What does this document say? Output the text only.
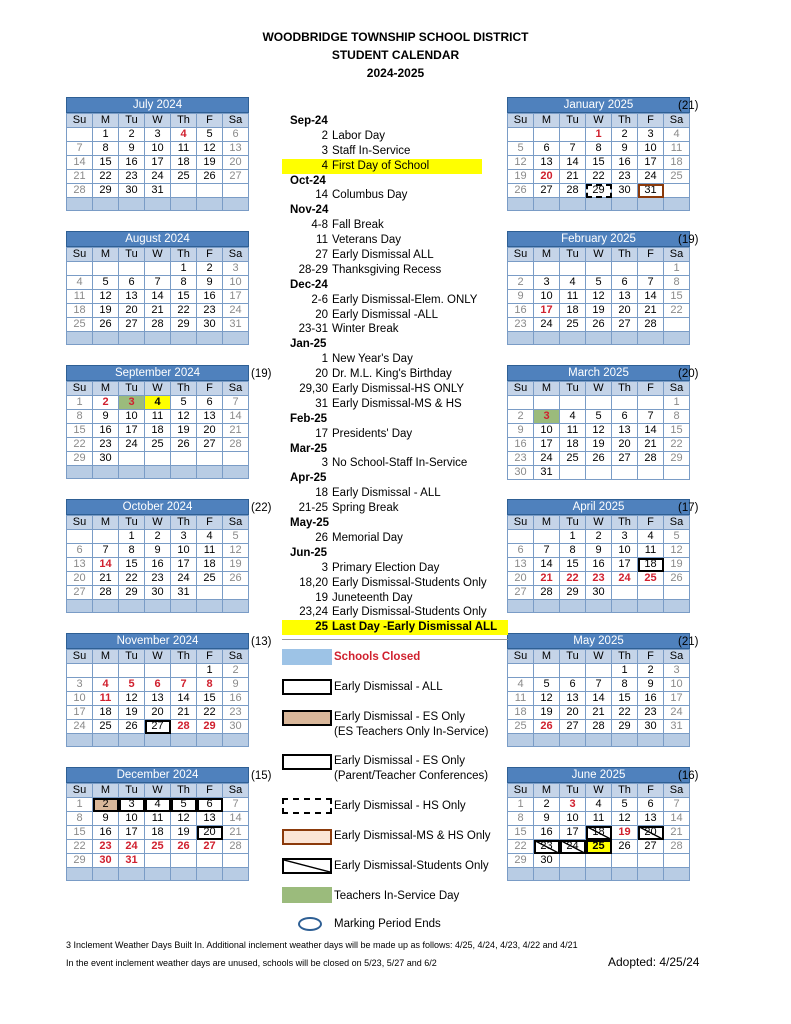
WOODBRIDGE TOWNSHIP SCHOOL DISTRICT
STUDENT CALENDAR
2024-2025
July 2024
Su	M	Tu	W	Th	F	Sa
	1	2	3	4	5	6
7	8	9	10	11	12	13
14	15	16	17	18	19	20
21	22	23	24	25	26	27
28	29	30	31			

August 2024
Su	M	Tu	W	Th	F	Sa
				1	2	3
4	5	6	7	8	9	10
11	12	13	14	15	16	17
18	19	20	21	22	23	24
25	26	27	28	29	30	31

September 2024
Su	M	Tu	W	Th	F	Sa
1	2	3	4	5	6	7
8	9	10	11	12	13	14
15	16	17	18	19	20	21
22	23	24	25	26	27	28
29	30					

(19)
October 2024
Su	M	Tu	W	Th	F	Sa
		1	2	3	4	5
6	7	8	9	10	11	12
13	14	15	16	17	18	19
20	21	22	23	24	25	26
27	28	29	30	31		

(22)
November 2024
Su	M	Tu	W	Th	F	Sa
					1	2
3	4	5	6	7	8	9
10	11	12	13	14	15	16
17	18	19	20	21	22	23
24	25	26	27	28	29	30

(13)
December 2024
Su	M	Tu	W	Th	F	Sa
1	2	3	4	5	6	7
8	9	10	11	12	13	14
15	16	17	18	19	20	21
22	23	24	25	26	27	28
29	30	31				

(15)
January 2025
Su	M	Tu	W	Th	F	Sa
			1	2	3	4
5	6	7	8	9	10	11
12	13	14	15	16	17	18
19	20	21	22	23	24	25
26	27	28	29	30	31	

(21)
February 2025
Su	M	Tu	W	Th	F	Sa
						1
2	3	4	5	6	7	8
9	10	11	12	13	14	15
16	17	18	19	20	21	22
23	24	25	26	27	28	

(19)
March 2025
Su	M	Tu	W	Th	F	Sa
						1
2	3	4	5	6	7	8
9	10	11	12	13	14	15
16	17	18	19	20	21	22
23	24	25	26	27	28	29
30	31					
(20)
April 2025
Su	M	Tu	W	Th	F	Sa
		1	2	3	4	5
6	7	8	9	10	11	12
13	14	15	16	17	18	19
20	21	22	23	24	25	26
27	28	29	30			

(17)
May 2025
Su	M	Tu	W	Th	F	Sa
				1	2	3
4	5	6	7	8	9	10
11	12	13	14	15	16	17
18	19	20	21	22	23	24
25	26	27	28	29	30	31

(21)
June 2025
Su	M	Tu	W	Th	F	Sa
1	2	3	4	5	6	7
8	9	10	11	12	13	14
15	16	17	18	19	20	21
22	23	24	25	26	27	28
29	30					

(16)
Sep-24
2 Labor Day
3 Staff In-Service
4 First Day of School
Oct-24
14 Columbus Day
Nov-24
4-8 Fall Break
11 Veterans Day
27 Early Dismissal ALL
28-29 Thanksgiving Recess
Dec-24
2-6 Early Dismissal-Elem. ONLY
20 Early Dismissal -ALL
23-31 Winter Break
Jan-25
1 New Year's Day
20 Dr. M.L. King's Birthday
29,30 Early Dismissal-HS ONLY
31 Early Dismissal-MS & HS
Feb-25
17 Presidents' Day
Mar-25
3 No School-Staff In-Service
Apr-25
18 Early Dismissal - ALL
21-25 Spring Break
May-25
26 Memorial Day
Jun-25
3 Primary Election Day
18,20 Early Dismissal-Students Only
19 Juneteenth Day
23,24 Early Dismissal-Students Only
25 Last Day -Early Dismissal ALL
Schools Closed
Early Dismissal - ALL
Early Dismissal - ES Only
(ES Teachers Only In-Service)
Early Dismissal - ES Only
(Parent/Teacher Conferences)
Early Dismissal - HS Only
Early Dismissal-MS & HS Only
Early Dismissal-Students Only
Teachers In-Service Day
Marking Period Ends
3 Inclement Weather Days Built In. Additional inclement weather days will be made up as follows: 4/25, 4/24, 4/23, 4/22 and 4/21
In the event inclement weather days are unused, schools will be closed on 5/23, 5/27 and 6/2	Adopted: 4/25/24
